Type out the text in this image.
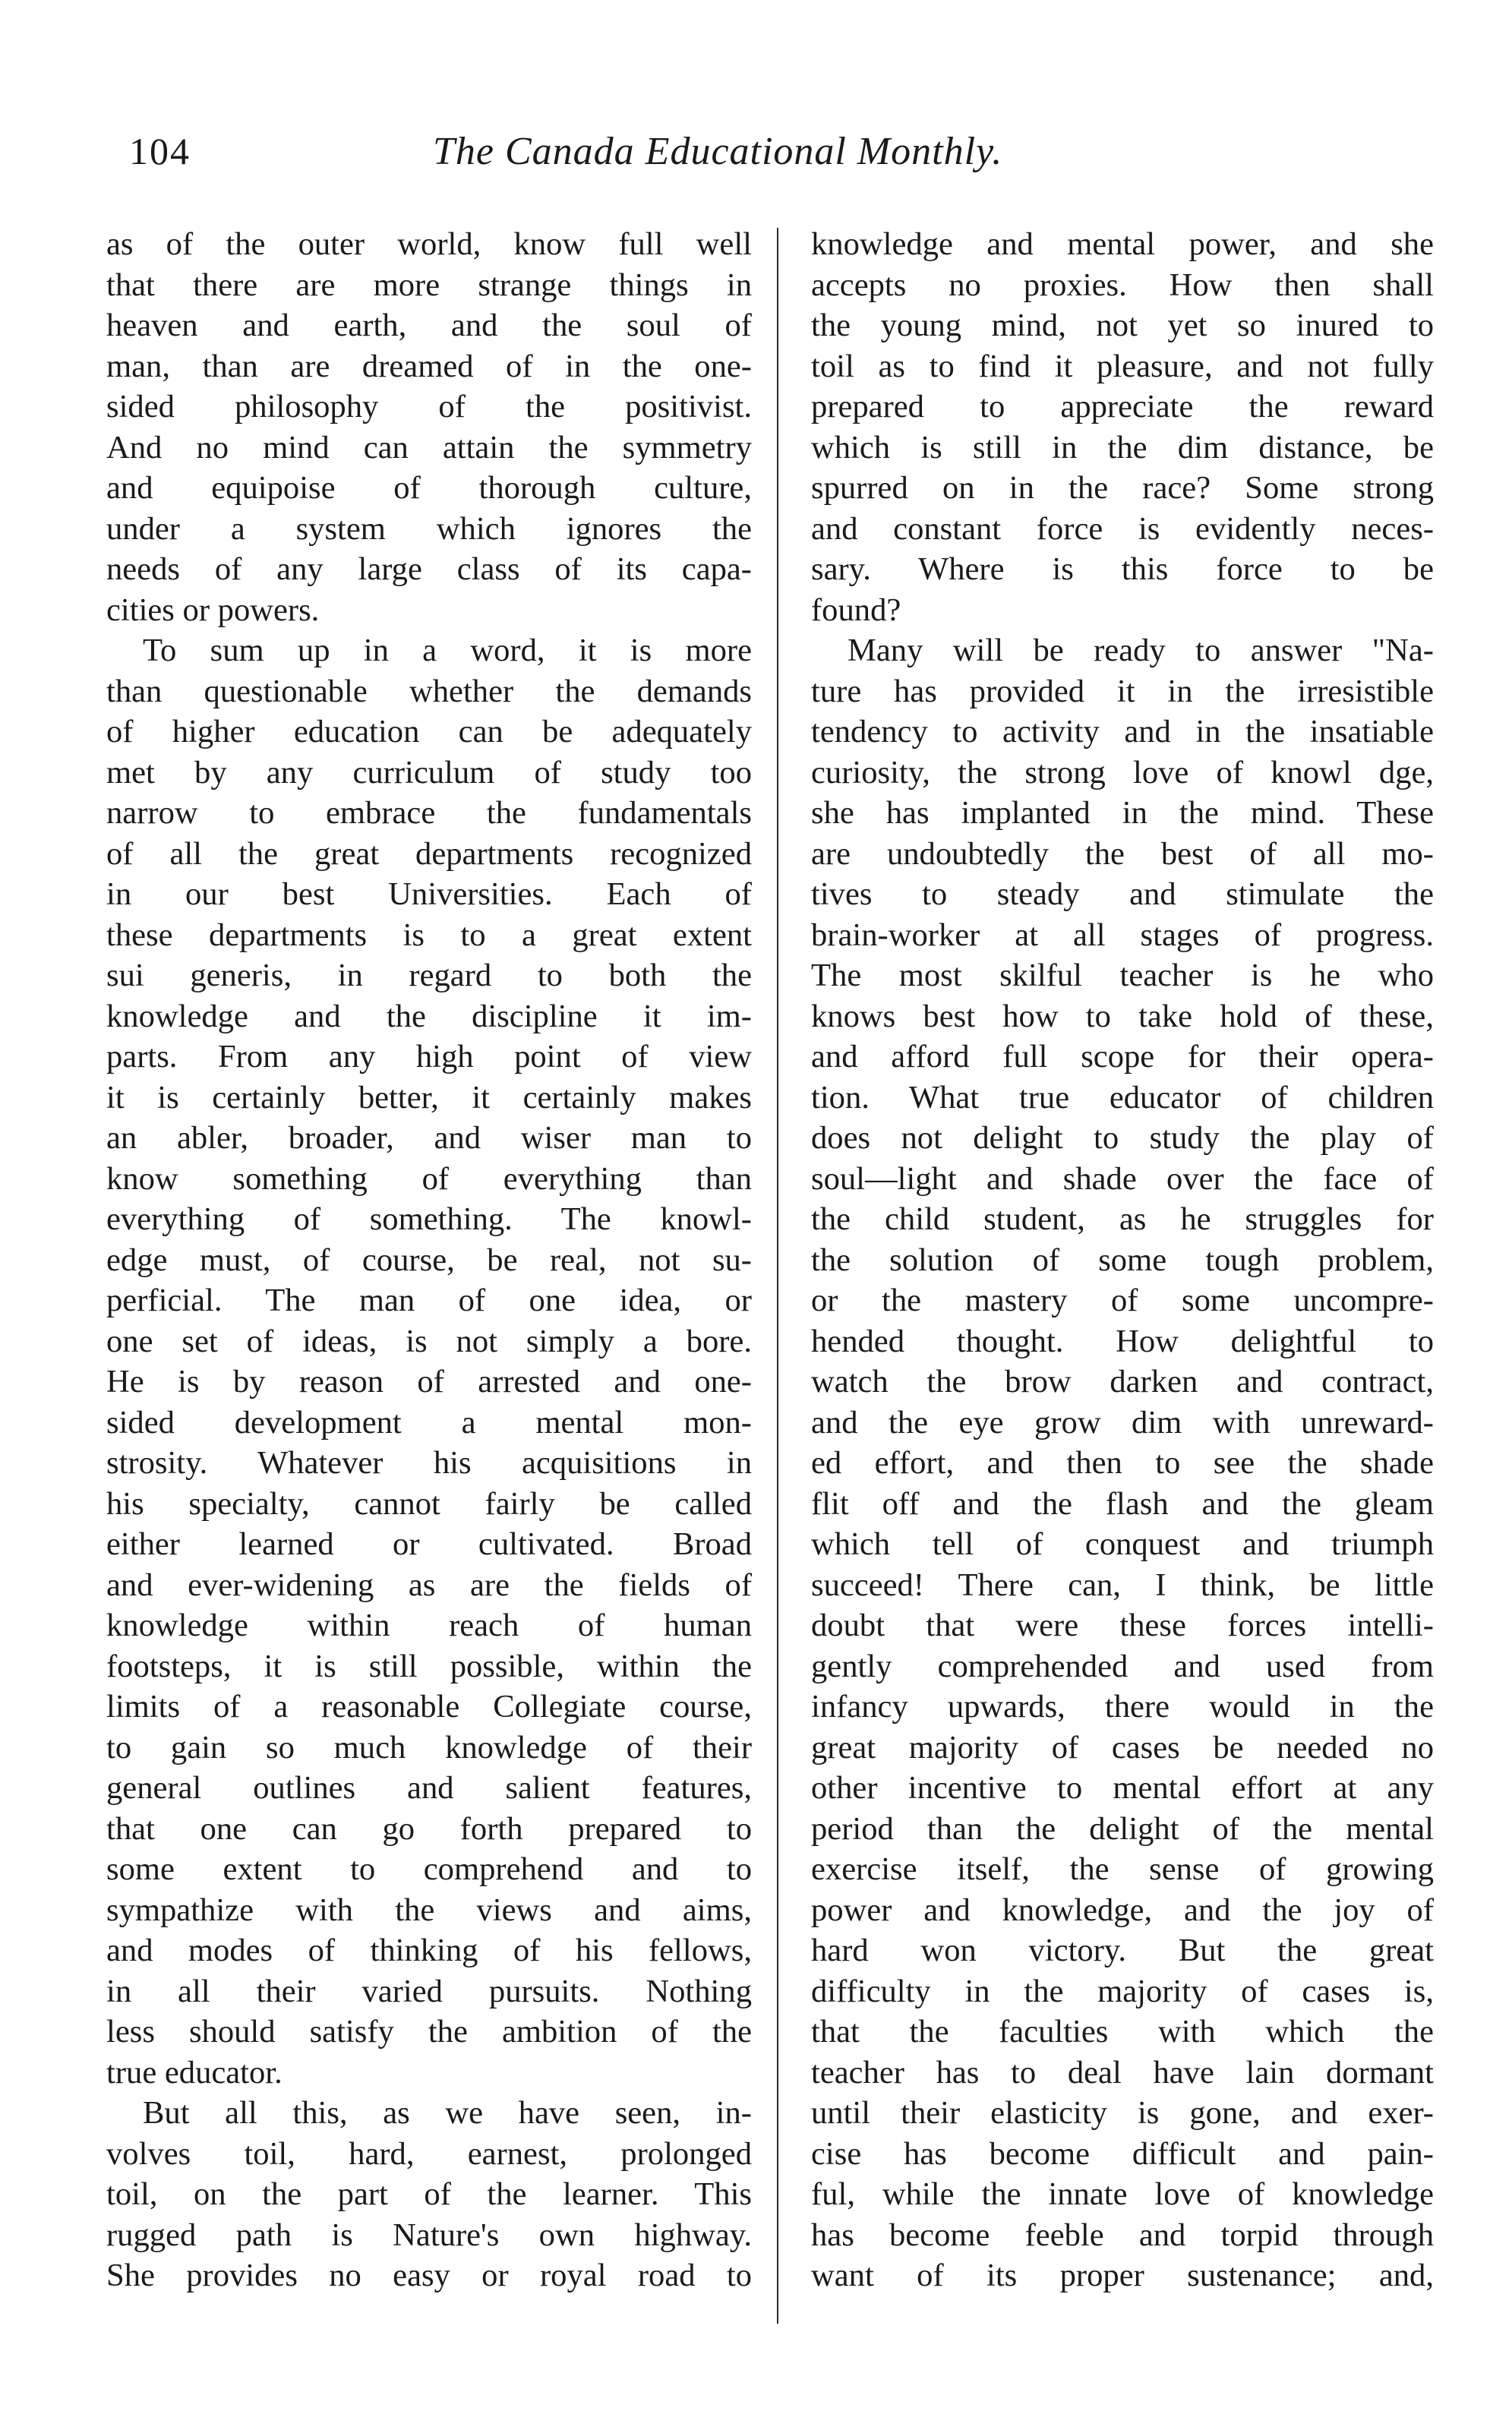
104	The Canada Educational Monthly.
as of the outer world, know full well
that there are more strange things in
heaven and earth, and the soul of
man, than are dreamed of in the one-
sided philosophy of the positivist.
And no mind can attain the symmetry
and equipoise of thorough culture,
under a system which ignores the
needs of any large class of its capa-
cities or powers.
To sum up in a word, it is more
than questionable whether the demands
of higher education can be adequately
met by any curriculum of study too
narrow to embrace the fundamentals
of all the great departments recognized
in our best Universities. Each of
these departments is to a great extent
sui generis, in regard to both the
knowledge and the discipline it im-
parts. From any high point of view
it is certainly better, it certainly makes
an abler, broader, and wiser man to
know something of everything than
everything of something. The knowl-
edge must, of course, be real, not su-
perficial. The man of one idea, or
one set of ideas, is not simply a bore.
He is by reason of arrested and one-
sided development a mental mon-
strosity. Whatever his acquisitions in
his specialty, cannot fairly be called
either learned or cultivated. Broad
and ever-widening as are the fields of
knowledge within reach of human
footsteps, it is still possible, within the
limits of a reasonable Collegiate course,
to gain so much knowledge of their
general outlines and salient features,
that one can go forth prepared to
some extent to comprehend and to
sympathize with the views and aims,
and modes of thinking of his fellows,
in all their varied pursuits. Nothing
less should satisfy the ambition of the
true educator.
But all this, as we have seen, in-
volves toil, hard, earnest, prolonged
toil, on the part of the learner. This
rugged path is Nature's own highway.
She provides no easy or royal road to
knowledge and mental power, and she
accepts no proxies. How then shall
the young mind, not yet so inured to
toil as to find it pleasure, and not fully
prepared to appreciate the reward
which is still in the dim distance, be
spurred on in the race? Some strong
and constant force is evidently neces-
sary. Where is this force to be
found?
Many will be ready to answer "Na-
ture has provided it in the irresistible
tendency to activity and in the insatiable
curiosity, the strong love of knowl dge,
she has implanted in the mind. These
are undoubtedly the best of all mo-
tives to steady and stimulate the
brain-worker at all stages of progress.
The most skilful teacher is he who
knows best how to take hold of these,
and afford full scope for their opera-
tion. What true educator of children
does not delight to study the play of
soul—light and shade over the face of
the child student, as he struggles for
the solution of some tough problem,
or the mastery of some uncompre-
hended thought. How delightful to
watch the brow darken and contract,
and the eye grow dim with unreward-
ed effort, and then to see the shade
flit off and the flash and the gleam
which tell of conquest and triumph
succeed! There can, I think, be little
doubt that were these forces intelli-
gently comprehended and used from
infancy upwards, there would in the
great majority of cases be needed no
other incentive to mental effort at any
period than the delight of the mental
exercise itself, the sense of growing
power and knowledge, and the joy of
hard won victory. But the great
difficulty in the majority of cases is,
that the faculties with which the
teacher has to deal have lain dormant
until their elasticity is gone, and exer-
cise has become difficult and pain-
ful, while the innate love of knowledge
has become feeble and torpid through
want of its proper sustenance; and,
